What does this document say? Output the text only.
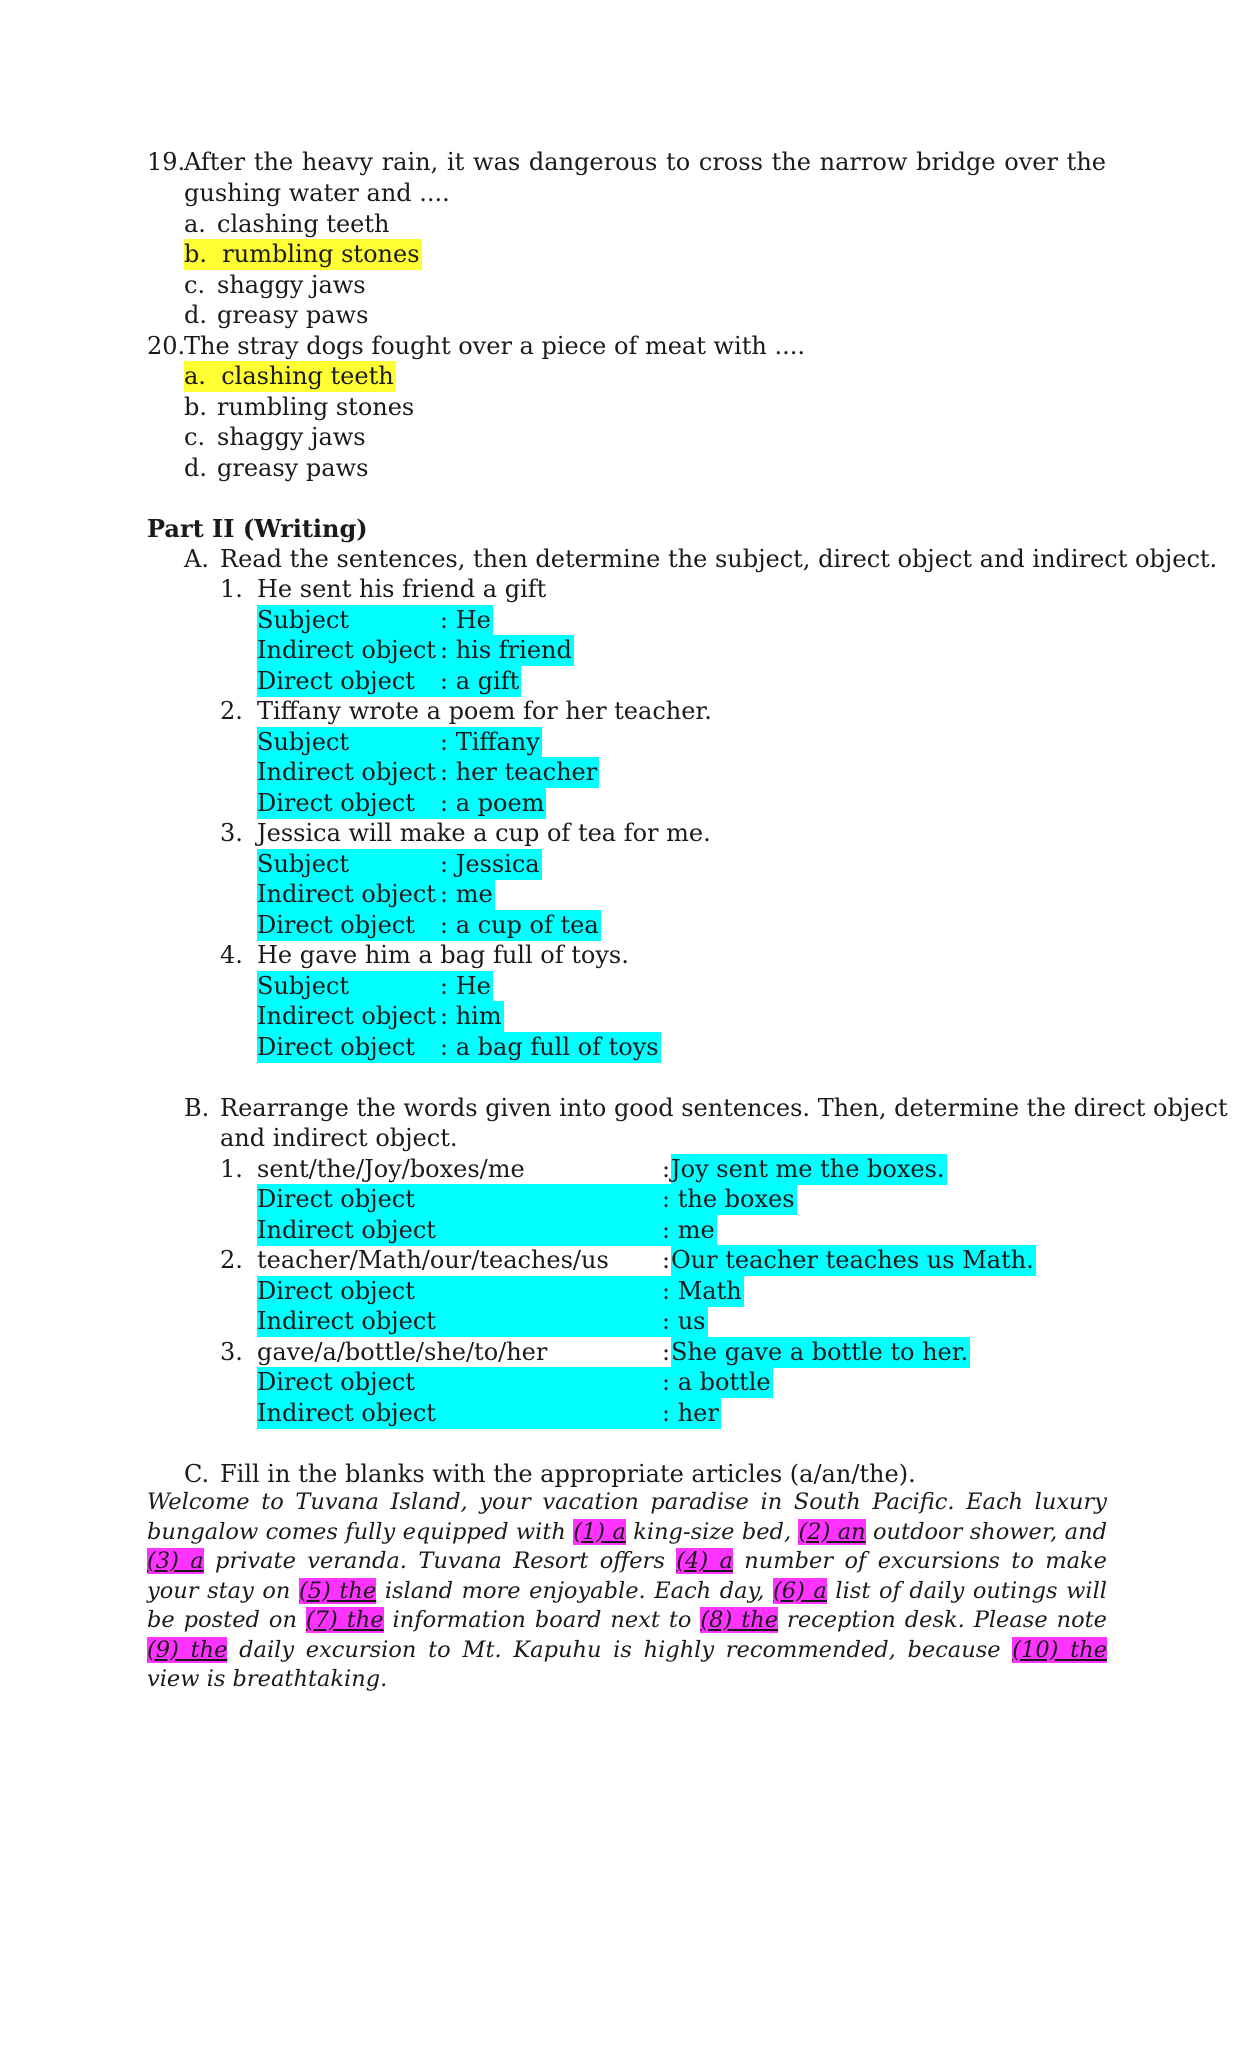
19.
After the heavy rain, it was dangerous to cross the narrow bridge over the gushing water and ....
a. clashing teeth
b. rumbling stones
c. shaggy jaws
d. greasy paws
20.
The stray dogs fought over a piece of meat with ....
a. clashing teeth
b. rumbling stones
c. shaggy jaws
d. greasy paws
Part II (Writing)
A. Read the sentences, then determine the subject, direct object and indirect object.
1. He sent his friend a gift
Subject	: He
Indirect object : his friend
Direct object	: a gift
2. Tiffany wrote a poem for her teacher.
Subject	: Tiffany
Indirect object : her teacher
Direct object	: a poem
3. Jessica will make a cup of tea for me.
Subject	: Jessica
Indirect object : me
Direct object	: a cup of tea
4. He gave him a bag full of toys.
Subject	: He
Indirect object : him
Direct object	: a bag full of toys
B. Rearrange the words given into good sentences. Then, determine the direct object
and indirect object.
1. sent/the/Joy/boxes/me	: Joy sent me the boxes.
Direct object	: the boxes
Indirect object	: me
2. teacher/Math/our/teaches/us : Our teacher teaches us Math.
Direct object	: Math
Indirect object	: us
3. gave/a/bottle/she/to/her	: She gave a bottle to her.
Direct object	: a bottle
Indirect object	: her
C. Fill in the blanks with the appropriate articles (a/an/the).
Welcome to Tuvana Island, your vacation paradise in South Pacific. Each luxury bungalow comes fully equipped with (1) a king-size bed, (2) an outdoor shower, and (3) a private veranda. Tuvana Resort offers (4) a number of excursions to make your stay on (5) the island more enjoyable. Each day, (6) a list of daily outings will be posted on (7) the information board next to (8) the reception desk. Please note (9) the daily excursion to Mt. Kapuhu is highly recommended, because (10) the view is breathtaking.
